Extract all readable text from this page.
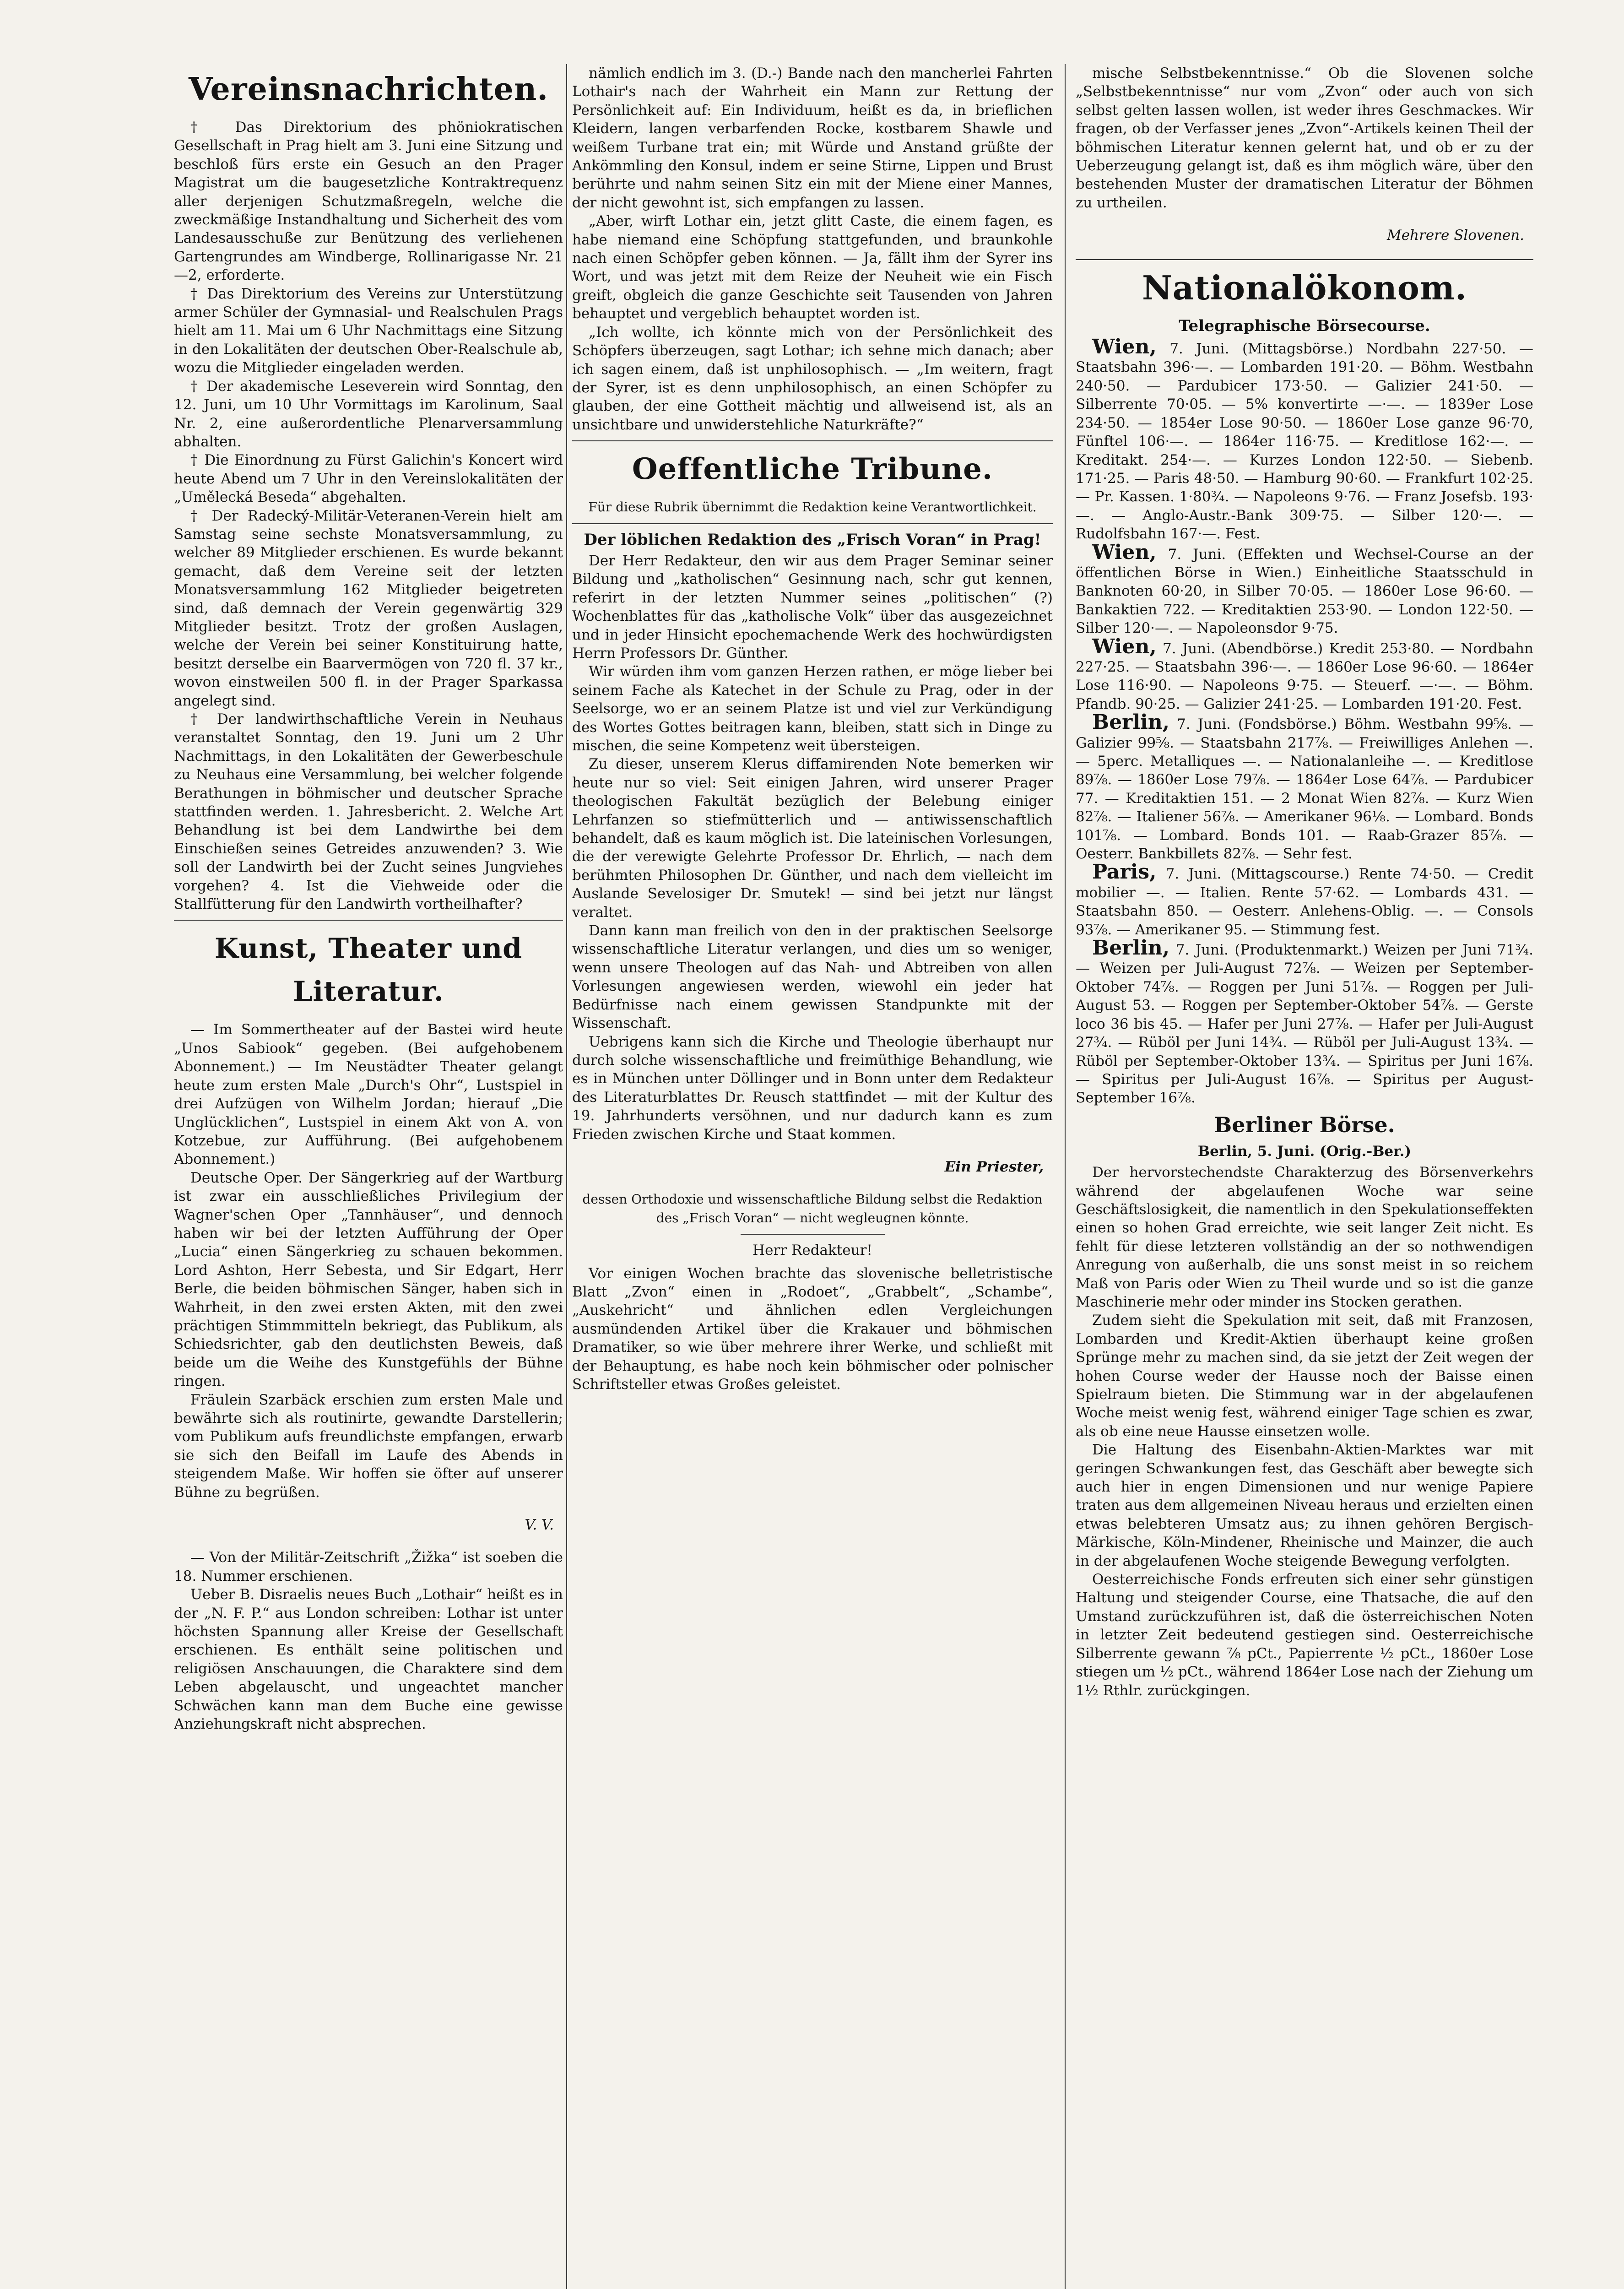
Vereinsnachrichten.

† Das Direktorium des phöniokratischen Gesellschaft in Prag hielt am 3. Juni eine Sitzung und beschloß fürs erste ein Gesuch an den Prager Magistrat um die baugesetzliche Kontraktrequenz aller derjenigen Schutzmaßregeln, welche die zweckmäßige Instandhaltung und Sicherheit des vom Landesausschuße zur Benützung des verliehenen Gartengrundes am Windberge, Rollinarigasse Nr. 21—2, erforderte.

† Das Direktorium des Vereins zur Unterstützung armer Schüler der Gymnasial- und Realschulen Prags hielt am 11. Mai um 6 Uhr Nachmittags eine Sitzung in den Lokalitäten der deutschen Ober-Realschule ab, wozu die Mitglieder eingeladen werden.

† Der akademische Leseverein wird Sonntag, den 12. Juni, um 10 Uhr Vormittags im Karolinum, Saal Nr. 2, eine außerordentliche Plenarversammlung abhalten.

† Die Einordnung zu Fürst Galichin's Koncert wird heute Abend um 7 Uhr in den Vereinslokalitäten der „Umělecká Beseda“ abgehalten.

† Der Radecký-Militär-Veteranen-Verein hielt am Samstag seine sechste Monatsversammlung, zu welcher 89 Mitglieder erschienen. Es wurde bekannt gemacht, daß dem Vereine seit der letzten Monatsversammlung 162 Mitglieder beigetreten sind, daß demnach der Verein gegenwärtig 329 Mitglieder besitzt. Trotz der großen Auslagen, welche der Verein bei seiner Konstituirung hatte, besitzt derselbe ein Baarvermögen von 720 fl. 37 kr., wovon einstweilen 500 fl. in der Prager Sparkassa angelegt sind.

† Der landwirthschaftliche Verein in Neuhaus veranstaltet Sonntag, den 19. Juni um 2 Uhr Nachmittags, in den Lokalitäten der Gewerbeschule zu Neuhaus eine Versammlung, bei welcher folgende Berathungen in böhmischer und deutscher Sprache stattfinden werden. 1. Jahresbericht. 2. Welche Art Behandlung ist bei dem Landwirthe bei dem Einschießen seines Getreides anzuwenden? 3. Wie soll der Landwirth bei der Zucht seines Jungviehes vorgehen? 4. Ist die Viehweide oder die Stallfütterung für den Landwirth vortheilhafter?

Kunst, Theater und Literatur.

— Im Sommertheater auf der Bastei wird heute „Unos Sabiook“ gegeben. (Bei aufgehobenem Abonnement.) — Im Neustädter Theater gelangt heute zum ersten Male „Durch's Ohr“, Lustspiel in drei Aufzügen von Wilhelm Jordan; hierauf „Die Unglücklichen“, Lustspiel in einem Akt von A. von Kotzebue, zur Aufführung. (Bei aufgehobenem Abonnement.)

Deutsche Oper. Der Sängerkrieg auf der Wartburg ist zwar ein ausschließliches Privilegium der Wagner'schen Oper „Tannhäuser“, und dennoch haben wir bei der letzten Aufführung der Oper „Lucia“ einen Sängerkrieg zu schauen bekommen. Lord Ashton, Herr Sebesta, und Sir Edgart, Herr Berle, die beiden böhmischen Sänger, haben sich in Wahrheit, in den zwei ersten Akten, mit den zwei prächtigen Stimmmitteln bekriegt, das Publikum, als Schiedsrichter, gab den deutlichsten Beweis, daß beide um die Weihe des Kunstgefühls der Bühne ringen.

Fräulein Szarbäck erschien zum ersten Male und bewährte sich als routinirte, gewandte Darstellerin; vom Publikum aufs freundlichste empfangen, erwarb sie sich den Beifall im Laufe des Abends in steigendem Maße. Wir hoffen sie öfter auf unserer Bühne zu begrüßen.

V. V.

— Von der Militär-Zeitschrift „Žižka“ ist soeben die 18. Nummer erschienen.

Ueber B. Disraelis neues Buch „Lothair“ heißt es in der „N. F. P.“ aus London schreiben: Lothar ist unter höchsten Spannung aller Kreise der Gesellschaft erschienen. Es enthält seine politischen und religiösen Anschauungen, die Charaktere sind dem Leben abgelauscht, und ungeachtet mancher Schwächen kann man dem Buche eine gewisse Anziehungskraft nicht absprechen.

nämlich endlich im 3. (D.-) Bande nach den mancherlei Fahrten Lothair's nach der Wahrheit ein Mann zur Rettung der Persönlichkeit auf: Ein Individuum, heißt es da, in brieflichen Kleidern, langen verbarfenden Rocke, kostbarem Shawle und weißem Turbane trat ein; mit Würde und Anstand grüßte der Ankömmling den Konsul, indem er seine Stirne, Lippen und Brust berührte und nahm seinen Sitz ein mit der Miene einer Mannes, der nicht gewohnt ist, sich empfangen zu lassen.

„Aber, wirft Lothar ein, jetzt glitt Caste, die einem fagen, es habe niemand eine Schöpfung stattgefunden, und braunkohle nach einen Schöpfer geben können. — Ja, fällt ihm der Syrer ins Wort, und was jetzt mit dem Reize der Neuheit wie ein Fisch greift, obgleich die ganze Geschichte seit Tausenden von Jahren behauptet und vergeblich behauptet worden ist.

„Ich wollte, ich könnte mich von der Persönlichkeit des Schöpfers überzeugen, sagt Lothar; ich sehne mich danach; aber ich sagen einem, daß ist unphilosophisch. — „Im weitern, fragt der Syrer, ist es denn unphilosophisch, an einen Schöpfer zu glauben, der eine Gottheit mächtig und allweisend ist, als an unsichtbare und unwiderstehliche Naturkräfte?“

Oeffentliche Tribune.
Für diese Rubrik übernimmt die Redaktion keine Verantwortlichkeit.
Der löblichen Redaktion des „Frisch Voran“ in Prag!

Der Herr Redakteur, den wir aus dem Prager Seminar seiner Bildung und „katholischen“ Gesinnung nach, schr gut kennen, referirt in der letzten Nummer seines „politischen“ (?) Wochenblattes für das „katholische Volk“ über das ausgezeichnet und in jeder Hinsicht epochemachende Werk des hochwürdigsten Herrn Professors Dr. Günther.

Wir würden ihm vom ganzen Herzen rathen, er möge lieber bei seinem Fache als Katechet in der Schule zu Prag, oder in der Seelsorge, wo er an seinem Platze ist und viel zur Verkündigung des Wortes Gottes beitragen kann, bleiben, statt sich in Dinge zu mischen, die seine Kompetenz weit übersteigen.

Zu dieser, unserem Klerus diffamirenden Note bemerken wir heute nur so viel: Seit einigen Jahren, wird unserer Prager theologischen Fakultät bezüglich der Belebung einiger Lehrfanzen so stiefmütterlich und — antiwissenschaftlich behandelt, daß es kaum möglich ist. Die lateinischen Vorlesungen, die der verewigte Gelehrte Professor Dr. Ehrlich, — nach dem berühmten Philosophen Dr. Günther, und nach dem vielleicht im Auslande Sevelosiger Dr. Smutek! — sind bei jetzt nur längst veraltet.

Dann kann man freilich von den in der praktischen Seelsorge wissenschaftliche Literatur verlangen, und dies um so weniger, wenn unsere Theologen auf das Nah- und Abtreiben von allen Vorlesungen angewiesen werden, wiewohl ein jeder hat Bedürfnisse nach einem gewissen Standpunkte mit der Wissenschaft.

Uebrigens kann sich die Kirche und Theologie überhaupt nur durch solche wissenschaftliche und freimüthige Behandlung, wie es in München unter Döllinger und in Bonn unter dem Redakteur des Literaturblattes Dr. Reusch stattfindet — mit der Kultur des 19. Jahrhunderts versöhnen, und nur dadurch kann es zum Frieden zwischen Kirche und Staat kommen.

Ein Priester,

dessen Orthodoxie und wissenschaftliche Bildung selbst die Redaktion des „Frisch Voran“ — nicht wegleugnen könnte.

Herr Redakteur!

Vor einigen Wochen brachte das slovenische belletristische Blatt „Zvon“ einen in „Rodoet“, „Grabbelt“, „Schambe“, „Auskehricht“ und ähnlichen edlen Vergleichungen ausmündenden Artikel über die Krakauer und böhmischen Dramatiker, so wie über mehrere ihrer Werke, und schließt mit der Behauptung, es habe noch kein böhmischer oder polnischer Schriftsteller etwas Großes geleistet.

mische Selbstbekenntnisse.“ Ob die Slovenen solche „Selbstbekenntnisse“ nur vom „Zvon“ oder auch von sich selbst gelten lassen wollen, ist weder ihres Geschmackes. Wir fragen, ob der Verfasser jenes „Zvon“-Artikels keinen Theil der böhmischen Literatur kennen gelernt hat, und ob er zu der Ueberzeugung gelangt ist, daß es ihm möglich wäre, über den bestehenden Muster der dramatischen Literatur der Böhmen zu urtheilen.

Mehrere Slovenen.

Nationalökonom.
Telegraphische Börsecourse.

Wien, 7. Juni. (Mittagsbörse.) Nordbahn 227·50. — Staatsbahn 396·—. — Lombarden 191·20. — Böhm. Westbahn 240·50. — Pardubicer 173·50. — Galizier 241·50. — Silberrente 70·05. — 5% konvertirte —·—. — 1839er Lose 234·50. — 1854er Lose 90·50. — 1860er Lose ganze 96·70, Fünftel 106·—. — 1864er 116·75. — Kreditlose 162·—. — Kreditakt. 254·—. — Kurzes London 122·50. — Siebenb. 171·25. — Paris 48·50. — Hamburg 90·60. — Frankfurt 102·25. — Pr. Kassen. 1·80¾. — Napoleons 9·76. — Franz Josefsb. 193·—. — Anglo-Austr.-Bank 309·75. — Silber 120·—. — Rudolfsbahn 167·—. Fest.

Wien, 7. Juni. (Effekten und Wechsel-Course an der öffentlichen Börse in Wien.) Einheitliche Staatsschuld in Banknoten 60·20, in Silber 70·05. — 1860er Lose 96·60. — Bankaktien 722. — Kreditaktien 253·90. — London 122·50. — Silber 120·—. — Napoleonsdor 9·75.

Wien, 7. Juni. (Abendbörse.) Kredit 253·80. — Nordbahn 227·25. — Staatsbahn 396·—. — 1860er Lose 96·60. — 1864er Lose 116·90. — Napoleons 9·75. — Steuerf. —·—. — Böhm. Pfandb. 90·25. — Galizier 241·25. — Lombarden 191·20. Fest.

Berlin, 7. Juni. (Fondsbörse.) Böhm. Westbahn 99⅝. — Galizier 99⅝. — Staatsbahn 217⅞. — Freiwilliges Anlehen —. — 5perc. Metalliques —. — Nationalanleihe —. — Kreditlose 89⅞. — 1860er Lose 79⅞. — 1864er Lose 64⅞. — Pardubicer 77. — Kreditaktien 151. — 2 Monat Wien 82⅞. — Kurz Wien 82⅞. — Italiener 56⅞. — Amerikaner 96⅛. — Lombard. Bonds 101⅞. — Lombard. Bonds 101. — Raab-Grazer 85⅞. — Oesterr. Bankbillets 82⅞. — Sehr fest.

Paris, 7. Juni. (Mittagscourse.) Rente 74·50. — Credit mobilier —. — Italien. Rente 57·62. — Lombards 431. — Staatsbahn 850. — Oesterr. Anlehens-Oblig. —. — Consols 93⅞. — Amerikaner 95. — Stimmung fest.

Berlin, 7. Juni. (Produktenmarkt.) Weizen per Juni 71¾. — Weizen per Juli-August 72⅞. — Weizen per September-Oktober 74⅞. — Roggen per Juni 51⅞. — Roggen per Juli-August 53. — Roggen per September-Oktober 54⅞. — Gerste loco 36 bis 45. — Hafer per Juni 27⅞. — Hafer per Juli-August 27¾. — Rüböl per Juni 14¾. — Rüböl per Juli-August 13¾. — Rüböl per September-Oktober 13¾. — Spiritus per Juni 16⅞. — Spiritus per Juli-August 16⅞. — Spiritus per August-September 16⅞.

Berliner Börse.
Berlin, 5. Juni. (Orig.-Ber.)

Der hervorstechendste Charakterzug des Börsenverkehrs während der abgelaufenen Woche war seine Geschäftslosigkeit, die namentlich in den Spekulationseffekten einen so hohen Grad erreichte, wie seit langer Zeit nicht. Es fehlt für diese letzteren vollständig an der so nothwendigen Anregung von außerhalb, die uns sonst meist in so reichem Maß von Paris oder Wien zu Theil wurde und so ist die ganze Maschinerie mehr oder minder ins Stocken gerathen.

Zudem sieht die Spekulation mit seit, daß mit Franzosen, Lombarden und Kredit-Aktien überhaupt keine großen Sprünge mehr zu machen sind, da sie jetzt der Zeit wegen der hohen Course weder der Hausse noch der Baisse einen Spielraum bieten. Die Stimmung war in der abgelaufenen Woche meist wenig fest, während einiger Tage schien es zwar, als ob eine neue Hausse einsetzen wolle.

Die Haltung des Eisenbahn-Aktien-Marktes war mit geringen Schwankungen fest, das Geschäft aber bewegte sich auch hier in engen Dimensionen und nur wenige Papiere traten aus dem allgemeinen Niveau heraus und erzielten einen etwas belebteren Umsatz aus; zu ihnen gehören Bergisch-Märkische, Köln-Mindener, Rheinische und Mainzer, die auch in der abgelaufenen Woche steigende Bewegung verfolgten.

Oesterreichische Fonds erfreuten sich einer sehr günstigen Haltung und steigender Course, eine Thatsache, die auf den Umstand zurückzuführen ist, daß die österreichischen Noten in letzter Zeit bedeutend gestiegen sind. Oesterreichische Silberrente gewann ⅞ pCt., Papierrente ½ pCt., 1860er Lose stiegen um ½ pCt., während 1864er Lose nach der Ziehung um 1½ Rthlr. zurückgingen.
